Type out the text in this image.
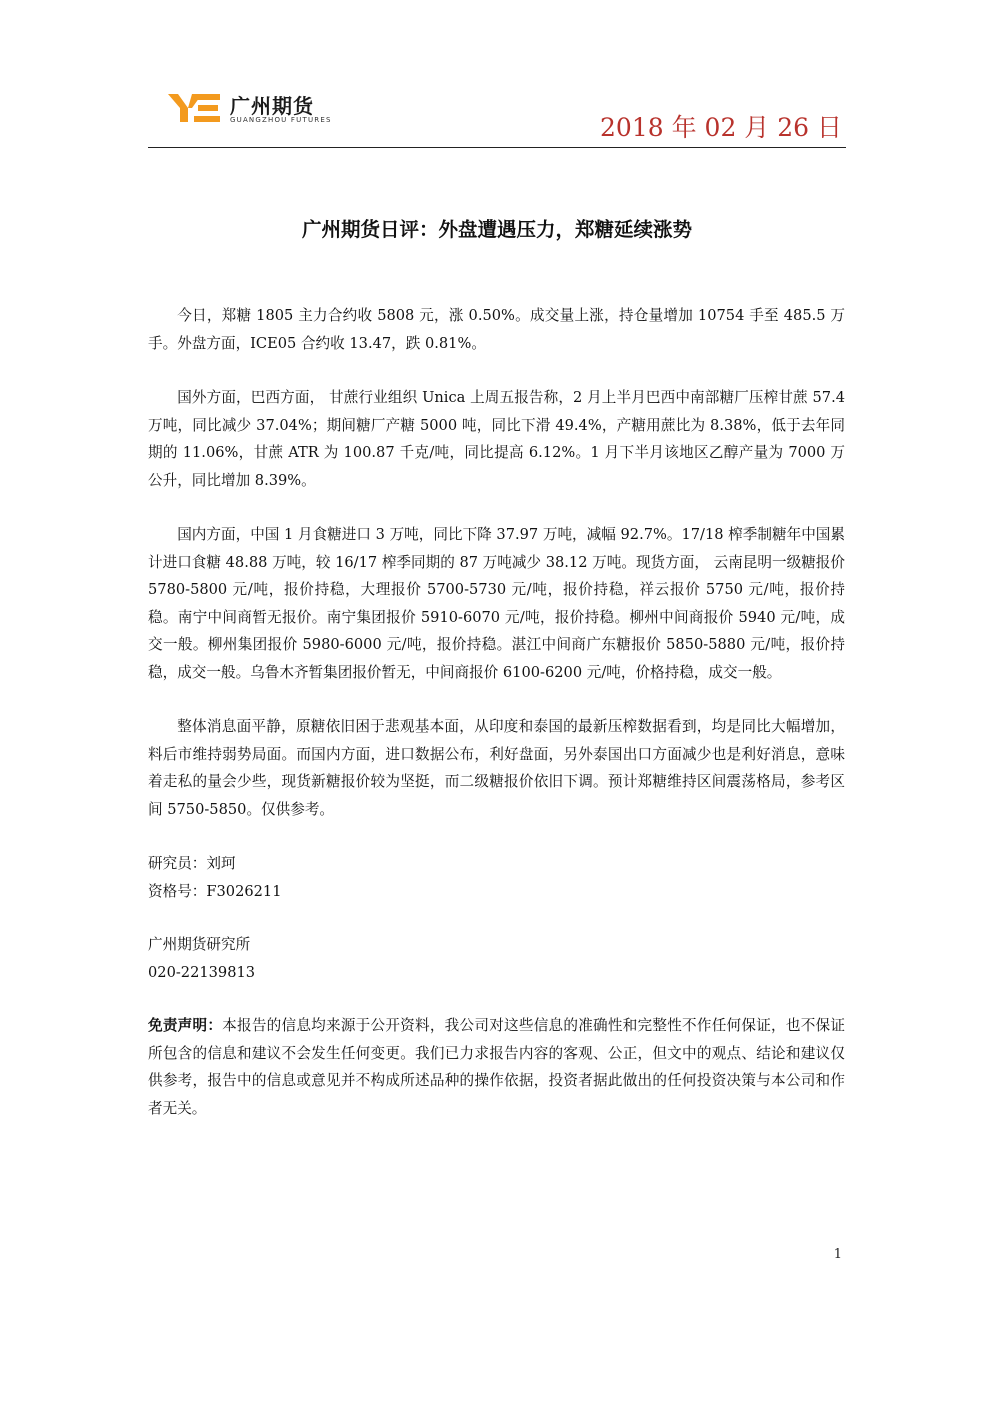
广州期货
GUANGZHOU FUTURES	2018 年 02 月 26 日
广州期货日评：外盘遭遇压力，郑糖延续涨势

今日，郑糖 1805 主力合约收 5808 元，涨 0.50%。成交量上涨，持仓量增加 10754 手至 485.5 万手。外盘方面，ICE05 合约收 13.47，跌 0.81%。

国外方面，巴西方面， 甘蔗行业组织 Unica 上周五报告称，2 月上半月巴西中南部糖厂压榨甘蔗 57.4 万吨，同比减少 37.04%；期间糖厂产糖 5000 吨，同比下滑 49.4%，产糖用蔗比为 8.38%，低于去年同期的 11.06%，甘蔗 ATR 为 100.87 千克/吨，同比提高 6.12%。1 月下半月该地区乙醇产量为 7000 万公升，同比增加 8.39%。

国内方面，中国 1 月食糖进口 3 万吨，同比下降 37.97 万吨，减幅 92.7%。17/18 榨季制糖年中国累计进口食糖 48.88 万吨，较 16/17 榨季同期的 87 万吨减少 38.12 万吨。现货方面， 云南昆明一级糖报价 5780-5800 元/吨，报价持稳，大理报价 5700-5730 元/吨，报价持稳，祥云报价 5750 元/吨，报价持稳。南宁中间商暂无报价。南宁集团报价 5910-6070 元/吨，报价持稳。柳州中间商报价 5940 元/吨，成交一般。柳州集团报价 5980-6000 元/吨，报价持稳。湛江中间商广东糖报价 5850-5880 元/吨，报价持稳，成交一般。乌鲁木齐暂集团报价暂无，中间商报价 6100-6200 元/吨，价格持稳，成交一般。

整体消息面平静，原糖依旧困于悲观基本面，从印度和泰国的最新压榨数据看到，均是同比大幅增加，料后市维持弱势局面。而国内方面，进口数据公布，利好盘面，另外泰国出口方面减少也是利好消息，意味着走私的量会少些，现货新糖报价较为坚挺，而二级糖报价依旧下调。预计郑糖维持区间震荡格局，参考区间 5750-5850。仅供参考。

研究员：刘珂

资格号：F3026211

广州期货研究所

020-22139813

免责声明：本报告的信息均来源于公开资料，我公司对这些信息的准确性和完整性不作任何保证，也不保证所包含的信息和建议不会发生任何变更。我们已力求报告内容的客观、公正，但文中的观点、结论和建议仅供参考，报告中的信息或意见并不构成所述品种的操作依据，投资者据此做出的任何投资决策与本公司和作者无关。

1
